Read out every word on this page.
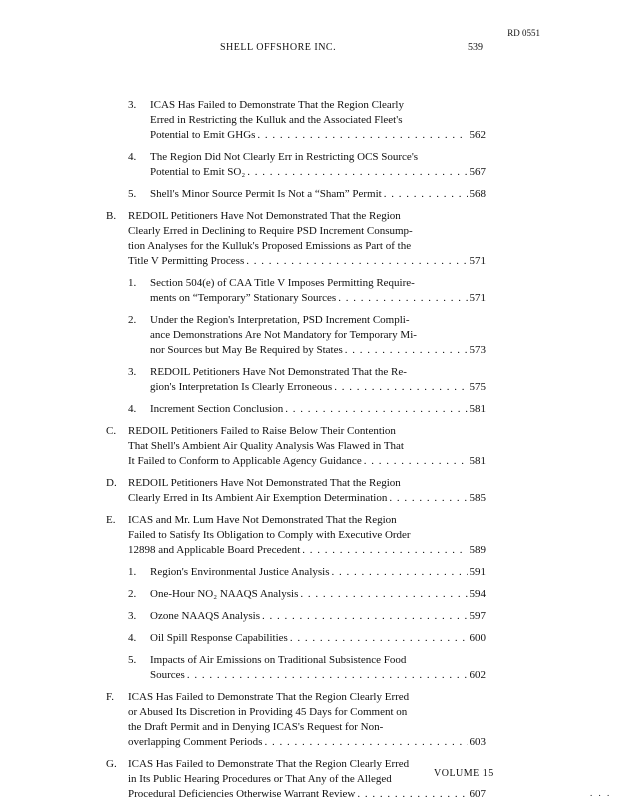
RD 0551
SHELL OFFSHORE INC.	539
3. ICAS Has Failed to Demonstrate That the Region Clearly
Erred in Restricting the Kulluk and the Associated Fleet's
Potential to Emit GHGs . . .	562
4. The Region Did Not Clearly Err in Restricting OCS Source's
Potential to Emit SO₂ . . .	567
5. Shell's Minor Source Permit Is Not a “Sham” Permit . . .	568
B. REDOIL Petitioners Have Not Demonstrated That the Region
Clearly Erred in Declining to Require PSD Increment Consump-
tion Analyses for the Kulluk's Proposed Emissions as Part of the
Title V Permitting Process . . .	571
1. Section 504(e) of CAA Title V Imposes Permitting Require-
ments on “Temporary” Stationary Sources . . .	571
2. Under the Region's Interpretation, PSD Increment Compli-
ance Demonstrations Are Not Mandatory for Temporary Mi-
nor Sources but May Be Required by States . . .	573
3. REDOIL Petitioners Have Not Demonstrated That the Re-
gion's Interpretation Is Clearly Erroneous . . .	575
4. Increment Section Conclusion . . .	581
C. REDOIL Petitioners Failed to Raise Below Their Contention
That Shell's Ambient Air Quality Analysis Was Flawed in That
It Failed to Conform to Applicable Agency Guidance . . .	581
D. REDOIL Petitioners Have Not Demonstrated That the Region
Clearly Erred in Its Ambient Air Exemption Determination . . .	585
E. ICAS and Mr. Lum Have Not Demonstrated That the Region
Failed to Satisfy Its Obligation to Comply with Executive Order
12898 and Applicable Board Precedent . . .	589
1. Region's Environmental Justice Analysis . . .	591
2. One-Hour NO₂ NAAQS Analysis . . .	594
3. Ozone NAAQS Analysis . . .	597
4. Oil Spill Response Capabilities . . .	600
5. Impacts of Air Emissions on Traditional Subsistence Food
Sources . . .	602
F. ICAS Has Failed to Demonstrate That the Region Clearly Erred
or Abused Its Discretion in Providing 45 Days for Comment on
the Draft Permit and in Denying ICAS's Request for Non-
overlapping Comment Periods . . .	603
G. ICAS Has Failed to Demonstrate That the Region Clearly Erred
in Its Public Hearing Procedures or That Any of the Alleged
Procedural Deficiencies Otherwise Warrant Review . . .	607
VOLUME 15
. . .
